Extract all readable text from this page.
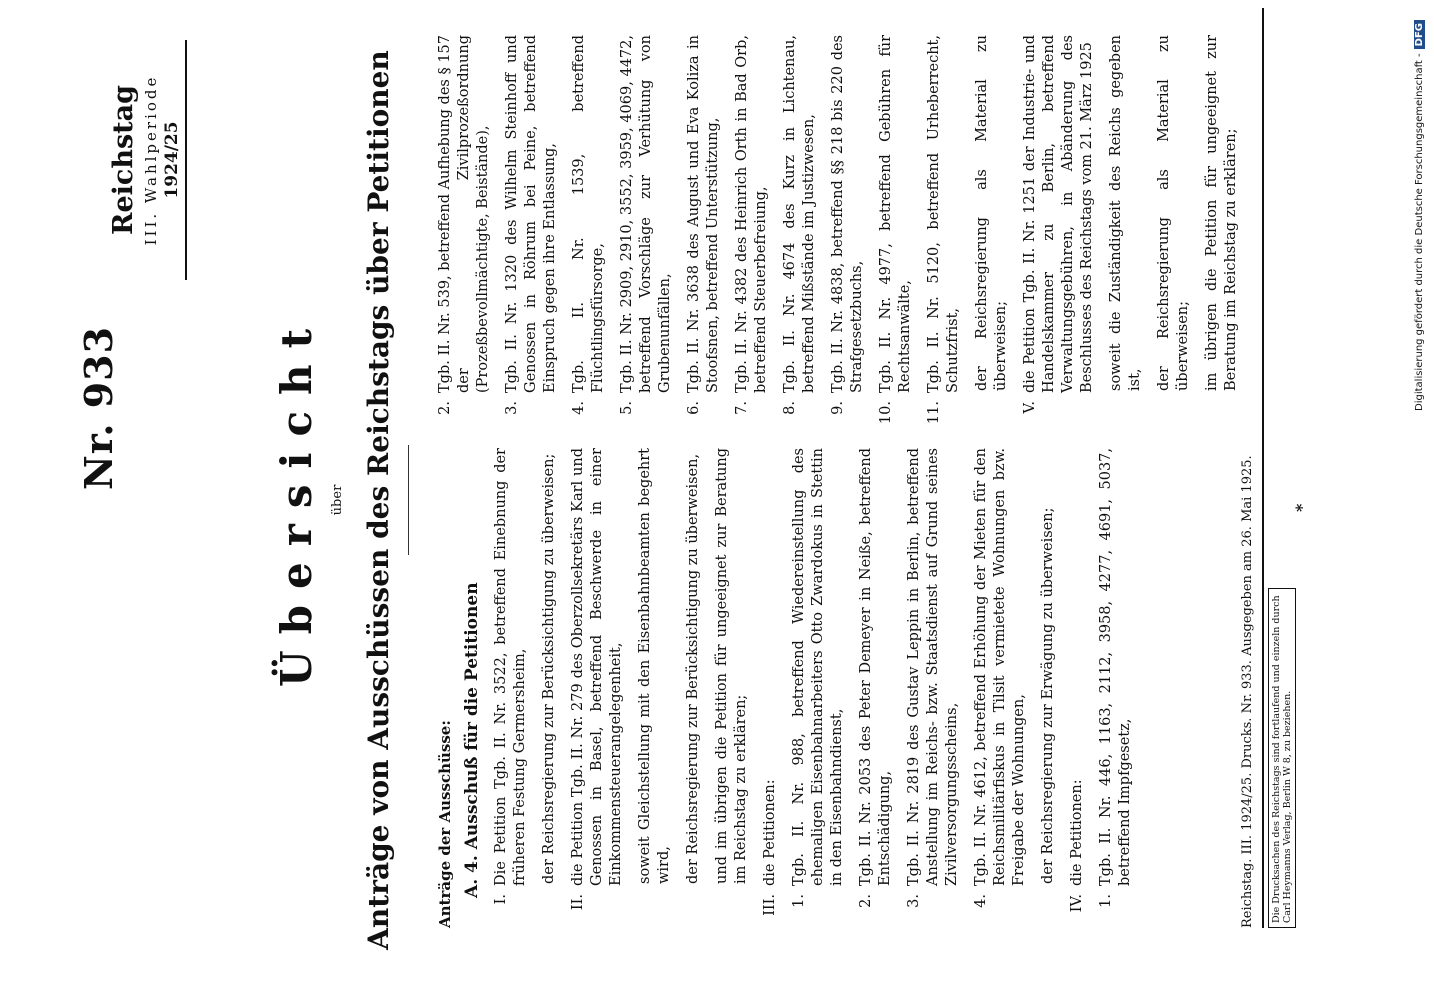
Nr. 933
Reichstag III. Wahlperiode 1924/25
Übersicht über Anträge von Ausschüssen des Reichstags über Petitionen	Anträge der Ausschüsse: A. 4. Ausschuß für die Petitionen
I.
Die Petition Tgb. II. Nr. 3522, betreffend Einebnung der früheren Festung Germersheim, der Reichsregierung zur Berücksichtigung zu überweisen;
II.
die Petition Tgb. II. Nr. 279 des Oberzollsekretärs Karl und Genossen in Basel, betreffend Beschwerde in einer Einkommensteuerangelegenheit, soweit Gleichstellung mit den Eisenbahnbeamten begehrt wird, der Reichsregierung zur Berücksichtigung zu überweisen, und im übrigen die Petition für ungeeignet zur Beratung im Reichstag zu erklären;
III.
die Petitionen:
1.
Tgb. II. Nr. 988, betreffend Wiedereinstellung des ehemaligen Eisenbahnarbeiters Otto Zwardokus in Stettin in den Eisenbahndienst,
2.
Tgb. II. Nr. 2053 des Peter Demeyer in Neiße, betreffend Entschädigung,
3.
Tgb. II. Nr. 2819 des Gustav Leppin in Berlin, betreffend Anstellung im Reichs- bzw. Staatsdienst auf Grund seines Zivilversorgungsscheins,
4.
Tgb. II. Nr. 4612, betreffend Erhöhung der Mieten für den Reichsmilitärfiskus in Tilsit vermietete Wohnungen bzw. Freigabe der Wohnungen, der Reichsregierung zur Erwägung zu überweisen;
IV.
die Petitionen:
1.
Tgb. II. Nr. 446, 1163, 2112, 3958, 4277, 4691, 5037, betreffend Impfgesetz,
2.
Tgb. II. Nr. 539, betreffend Aufhebung des § 157 der Zivilprozeßordnung (Prozeßbevollmächtigte, Beistände),
3.
Tgb. II. Nr. 1320 des Wilhelm Steinhoff und Genossen in Röhrum bei Peine, betreffend Einspruch gegen ihre Entlassung,
4.
Tgb. II. Nr. 1539, betreffend Flüchtlingsfürsorge,
5.
Tgb. II. Nr. 2909, 2910, 3552, 3959, 4069, 4472, betreffend Vorschläge zur Verhütung von Grubenunfällen,
6.
Tgb. II. Nr. 3638 des August und Eva Koliza in Stoofsnen, betreffend Unterstützung,
7.
Tgb. II. Nr. 4382 des Heinrich Orth in Bad Orb, betreffend Steuerbefreiung,
8.
Tgb. II. Nr. 4674 des Kurz in Lichtenau, betreffend Mißstände im Justizwesen,
9.
Tgb. II. Nr. 4838, betreffend §§ 218 bis 220 des Strafgesetzbuchs,
10.
Tgb. II. Nr. 4977, betreffend Gebühren für Rechtsanwälte,
11.
Tgb. II. Nr. 5120, betreffend Urheberrecht, Schutzfrist, der Reichsregierung als Material zu überweisen;
V.
die Petition Tgb. II. Nr. 1251 der Industrie- und Handelskammer zu Berlin, betreffend Verwaltungsgebühren, in Abänderung des Beschlusses des Reichstags vom 21. März 1925 soweit die Zuständigkeit des Reichs gegeben ist, der Reichsregierung als Material zu überweisen; im übrigen die Petition für ungeeignet zur Beratung im Reichstag zu erklären;
Reichstag. III. 1924/25. Drucks. Nr. 933. Ausgegeben am 26. Mai 1925.	Die Drucksachen des Reichstags sind fortlaufend und einzeln durch Carl Heymanns Verlag, Berlin W 8, zu beziehen.
*
Digitalisierung gefördert durch die Deutsche Forschungsgemeinschaft -DFG
